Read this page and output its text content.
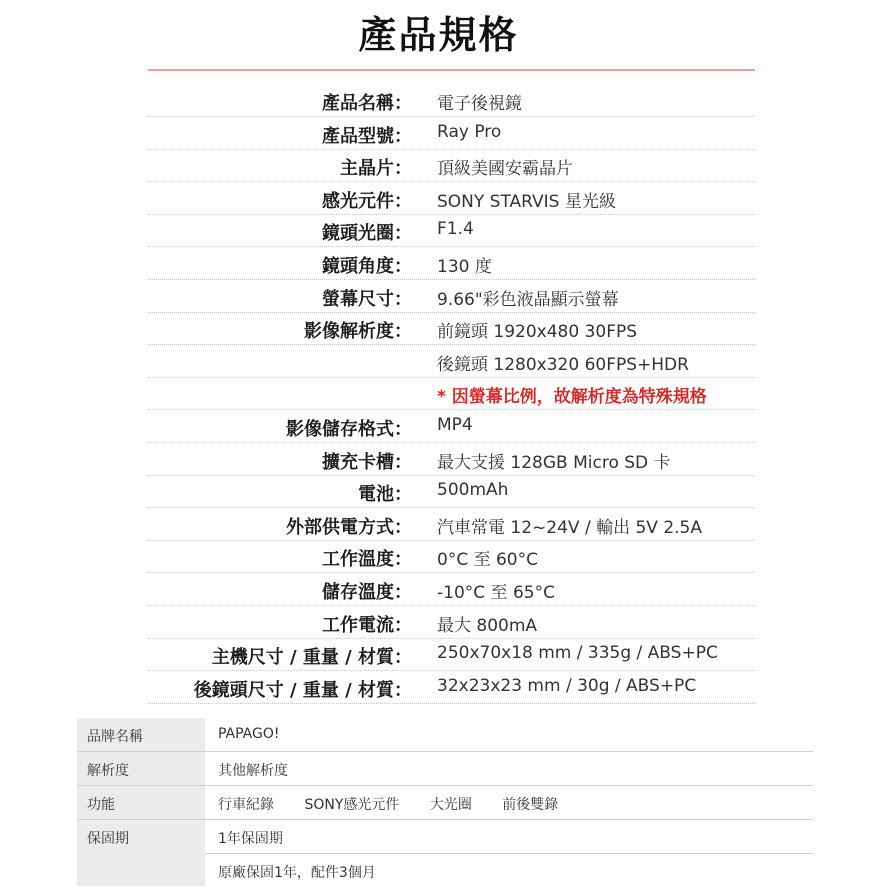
產品規格
產品名稱： 電子後視鏡
產品型號： Ray Pro
主晶片： 頂級美國安霸晶片
感光元件： SONY STARVIS 星光級
鏡頭光圈： F1.4
鏡頭角度： 130 度
螢幕尺寸： 9.66"彩色液晶顯示螢幕
影像解析度： 前鏡頭 1920x480 30FPS
後鏡頭 1280x320 60FPS+HDR
* 因螢幕比例，故解析度為特殊規格
影像儲存格式： MP4
擴充卡槽： 最大支援 128GB Micro SD 卡
電池： 500mAh
外部供電方式： 汽車常電 12~24V / 輸出 5V 2.5A
工作溫度： 0°C 至 60°C
儲存溫度： -10°C 至 65°C
工作電流： 最大 800mA
主機尺寸 / 重量 / 材質： 250x70x18 mm / 335g / ABS+PC
後鏡頭尺寸 / 重量 / 材質： 32x23x23 mm / 30g / ABS+PC
品牌名稱	PAPAGO!
解析度	其他解析度
功能	行車紀錄 SONY感光元件 大光圈 前後雙錄
保固期	1年保固期
原廠保固1年，配件3個月
